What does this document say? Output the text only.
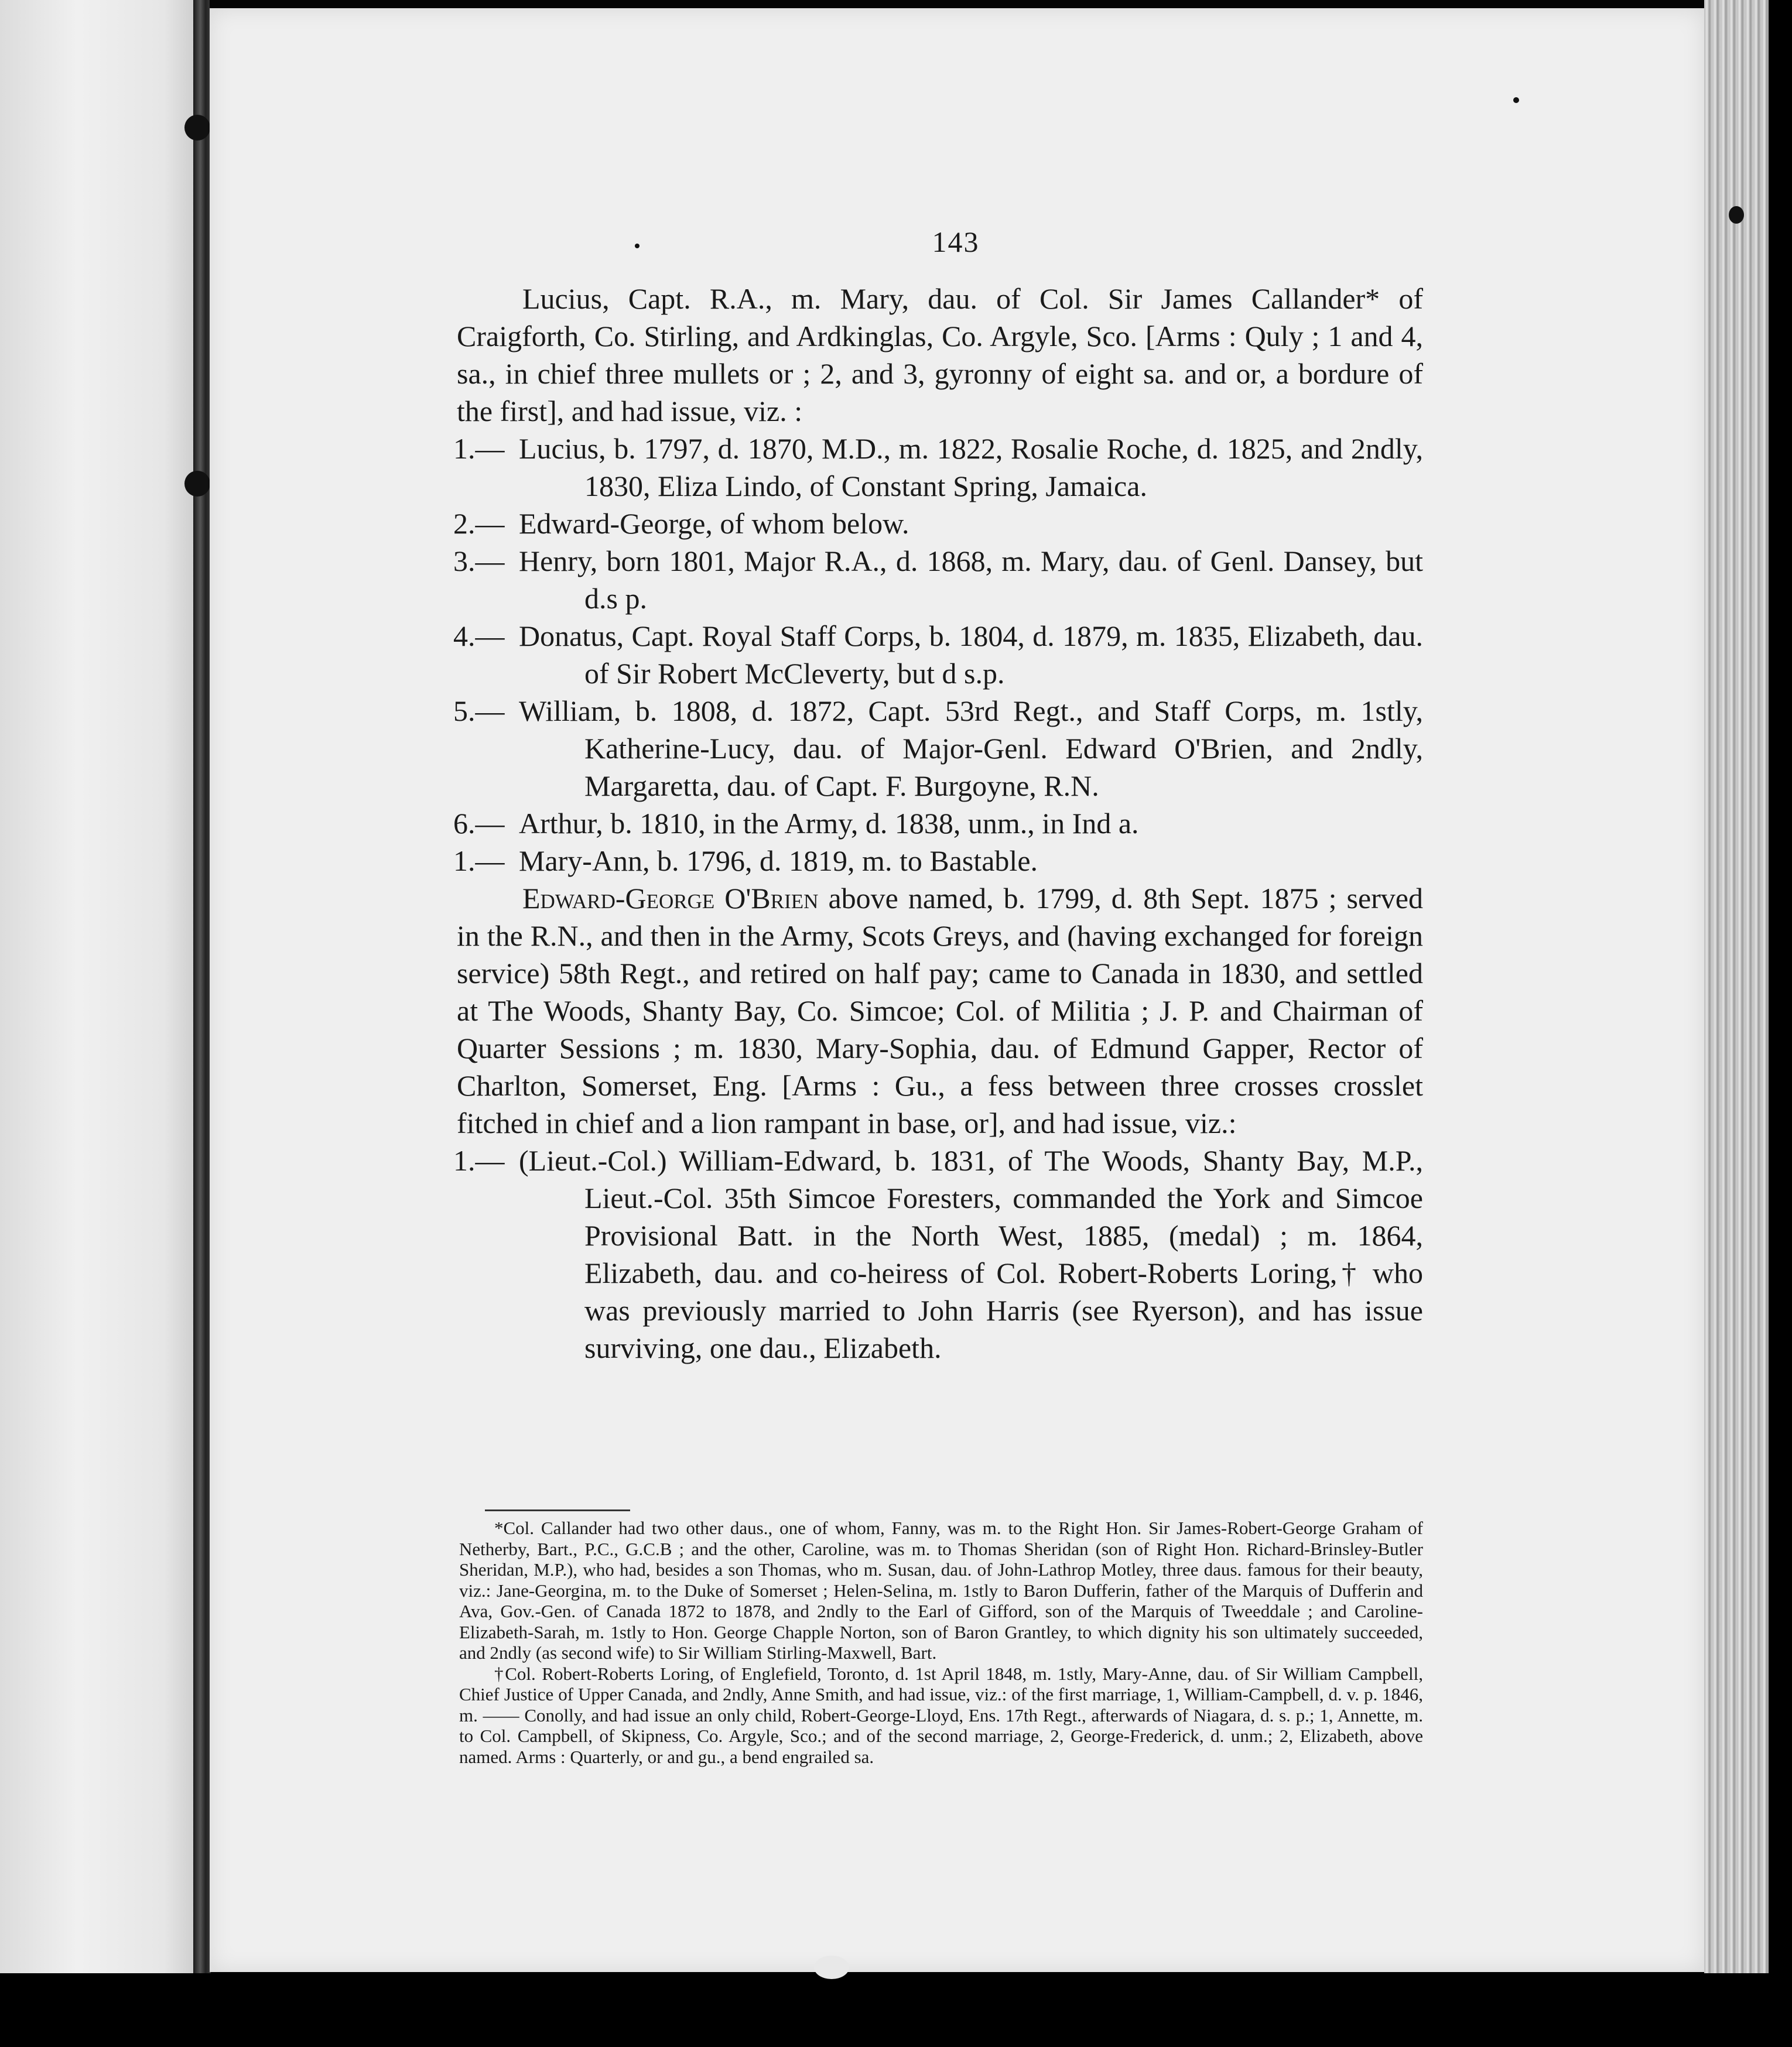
143

Lucius, Capt. R.A., m. Mary, dau. of Col. Sir James Callander* of Craigforth, Co. Stirling, and Ardkinglas, Co. Argyle, Sco. [Arms : Quly ; 1 and 4, sa., in chief three mullets or ; 2, and 3, gyronny of eight sa. and or, a bordure of the first], and had issue, viz. :

1.— Lucius, b. 1797, d. 1870, M.D., m. 1822, Rosalie Roche, d. 1825, and 2ndly, 1830, Eliza Lindo, of Constant Spring, Jamaica.

2.— Edward-George, of whom below.

3.— Henry, born 1801, Major R.A., d. 1868, m. Mary, dau. of Genl. Dansey, but d.s p.

4.— Donatus, Capt. Royal Staff Corps, b. 1804, d. 1879, m. 1835, Elizabeth, dau. of Sir Robert McCleverty, but d s.p.

5.— William, b. 1808, d. 1872, Capt. 53rd Regt., and Staff Corps, m. 1stly, Katherine-Lucy, dau. of Major-Genl. Edward O'Brien, and 2ndly, Margaretta, dau. of Capt. F. Burgoyne, R.N.

6.— Arthur, b. 1810, in the Army, d. 1838, unm., in Ind a.

1.— Mary-Ann, b. 1796, d. 1819, m. to Bastable.

Edward-George O'Brien above named, b. 1799, d. 8th Sept. 1875 ; served in the R.N., and then in the Army, Scots Greys, and (having exchanged for foreign service) 58th Regt., and retired on half pay; came to Canada in 1830, and settled at The Woods, Shanty Bay, Co. Simcoe; Col. of Militia ; J. P. and Chairman of Quarter Sessions ; m. 1830, Mary-Sophia, dau. of Edmund Gapper, Rector of Charlton, Somerset, Eng. [Arms : Gu., a fess between three crosses crosslet fitched in chief and a lion rampant in base, or], and had issue, viz.:

1.— (Lieut.-Col.) William-Edward, b. 1831, of The Woods, Shanty Bay, M.P., Lieut.-Col. 35th Simcoe Foresters, commanded the York and Simcoe Provisional Batt. in the North West, 1885, (medal) ; m. 1864, Elizabeth, dau. and co-heiress of Col. Robert-Roberts Loring,† who was previously married to John Harris (see Ryerson), and has issue surviving, one dau., Elizabeth.

*Col. Callander had two other daus., one of whom, Fanny, was m. to the Right Hon. Sir James-Robert-George Graham of Netherby, Bart., P.C., G.C.B ; and the other, Caroline, was m. to Thomas Sheridan (son of Right Hon. Richard-Brinsley-Butler Sheridan, M.P.), who had, besides a son Thomas, who m. Susan, dau. of John-Lathrop Motley, three daus. famous for their beauty, viz.: Jane-Georgina, m. to the Duke of Somerset ; Helen-Selina, m. 1stly to Baron Dufferin, father of the Marquis of Dufferin and Ava, Gov.-Gen. of Canada 1872 to 1878, and 2ndly to the Earl of Gifford, son of the Marquis of Tweeddale ; and Caroline-Elizabeth-Sarah, m. 1stly to Hon. George Chapple Norton, son of Baron Grantley, to which dignity his son ultimately succeeded, and 2ndly (as second wife) to Sir William Stirling-Maxwell, Bart.

†Col. Robert-Roberts Loring, of Englefield, Toronto, d. 1st April 1848, m. 1stly, Mary-Anne, dau. of Sir William Campbell, Chief Justice of Upper Canada, and 2ndly, Anne Smith, and had issue, viz.: of the first marriage, 1, William-Campbell, d. v. p. 1846, m. —— Conolly, and had issue an only child, Robert-George-Lloyd, Ens. 17th Regt., afterwards of Niagara, d. s. p.; 1, Annette, m. to Col. Campbell, of Skipness, Co. Argyle, Sco.; and of the second marriage, 2, George-Frederick, d. unm.; 2, Elizabeth, above named. Arms : Quarterly, or and gu., a bend engrailed sa.
